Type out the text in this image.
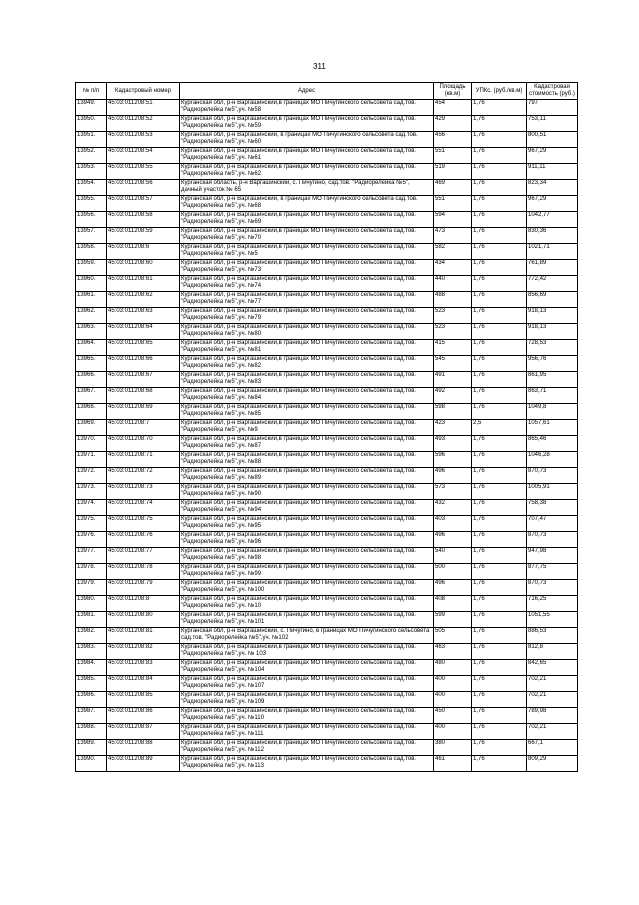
311
№ п/п	Кадастровый номер	Адрес	Площадь (кв.м)	УПКс. (руб./кв.м)	Кадастровая стоимость (руб.)
13949.	45:03:011208:51	Курганская обл, р-н Варгашинский,в границах МО Пичугинского сельсовета сад.тов. "Радиорелейка №5",уч. №58	454	1,76	797
13950.	45:03:011208:52	Курганская обл, р-н Варгашинский,в границах МО Пичугинского сельсовета сад.тов. "Радиорелейка №5",уч. №59	429	1,76	753,11
13951.	45:03:011208:53	Курганская обл, р-н Варгашинский, в границах МО Пичугинского сельсовета сад.тов. "Радиорелейка №5",уч. №60	456	1,76	800,51
13952.	45:03:011208:54	Курганская обл, р-н Варгашинский,в границах МО Пичугинского сельсовета сад.тов. "Радиорелейка №5",уч. №61	551	1,76	967,29
13953.	45:03:011208:55	Курганская обл, р-н Варгашинский,в границах МО Пичугинского сельсовета сад.тов. "Радиорелейка №5",уч. №62	519	1,76	911,11
13954.	45:03:011208:56	Курганская область, р-н Варгашинский, с. Пичугино, сад.тов. "Радиорелейка №5", дачный участок № 65	469	1,76	823,34
13955.	45:03:011208:57	Курганская обл, р-н Варгашинский, в границах МО Пичугинского сельсовета сад.тов. "Радиорелейка №5",уч. №68	551	1,76	967,29
13956.	45:03:011208:58	Курганская обл, р-н Варгашинский,в границах МО Пичугинского сельсовета сад.тов. "Радиорелейка №5",уч. №69	594	1,76	1042,77
13957.	45:03:011208:59	Курганская обл, р-н Варгашинский,в границах МО Пичугинского сельсовета сад.тов. "Радиорелейка №5",уч. №70	473	1,76	830,36
13958.	45:03:011208:6	Курганская обл, р-н Варгашинский,в границах МО Пичугинского сельсовета сад.тов. "Радиорелейка №5",уч. №5	582	1,76	1021,71
13959.	45:03:011208:60	Курганская обл, р-н Варгашинский,в границах МО Пичугинского сельсовета сад.тов. "Радиорелейка №5",уч. №73	434	1,76	761,89
13960.	45:03:011208:61	Курганская обл, р-н Варгашинский,в границах МО Пичугинского сельсовета сад.тов. "Радиорелейка №5",уч. №74	440	1,76	772,42
13961.	45:03:011208:62	Курганская обл, р-н Варгашинский,в границах МО Пичугинского сельсовета сад.тов. "Радиорелейка №5",уч. №77	488	1,76	856,69
13962.	45:03:011208:63	Курганская обл, р-н Варгашинский,в границах МО Пичугинского сельсовета сад.тов. "Радиорелейка №5",уч. №79	523	1,76	918,13
13963.	45:03:011208:64	Курганская обл, р-н Варгашинский,в границах МО Пичугинского сельсовета сад.тов. "Радиорелейка №5",уч. №80	523	1,76	918,13
13964.	45:03:011208:65	Курганская обл, р-н Варгашинский,в границах МО Пичугинского сельсовета сад.тов. "Радиорелейка №5",уч. №81	415	1,76	728,53
13965.	45:03:011208:66	Курганская обл, р-н Варгашинский,в границах МО Пичугинского сельсовета сад.тов. "Радиорелейка №5",уч. №82	545	1,76	956,76
13966.	45:03:011208:67	Курганская обл, р-н Варгашинский,в границах МО Пичугинского сельсовета сад.тов. "Радиорелейка №5",уч. №83	491	1,76	861,95
13967.	45:03:011208:68	Курганская обл, р-н Варгашинский,в границах МО Пичугинского сельсовета сад.тов. "Радиорелейка №5",уч. №84	492	1,76	863,71
13968.	45:03:011208:69	Курганская обл, р-н Варгашинский,в границах МО Пичугинского сельсовета сад.тов. "Радиорелейка №5",уч. №85	598	1,76	1049,8
13969.	45:03:011208:7	Курганская обл, р-н Варгашинский,в границах МО Пичугинского сельсовета сад.тов. "Радиорелейка №5",уч. №9	423	2,5	1057,61
13970.	45:03:011208:70	Курганская обл, р-н Варгашинский,в границах МО Пичугинского сельсовета сад.тов. "Радиорелейка №5",уч. №87	493	1,76	865,46
13971.	45:03:011208:71	Курганская обл, р-н Варгашинский,в границах МО Пичугинского сельсовета сад.тов. "Радиорелейка №5",уч. №88	596	1,76	1046,28
13972.	45:03:011208:72	Курганская обл, р-н Варгашинский,в границах МО Пичугинского сельсовета сад.тов. "Радиорелейка №5",уч. №89	496	1,76	870,73
13973.	45:03:011208:73	Курганская обл, р-н Варгашинский,в границах МО Пичугинского сельсовета сад.тов. "Радиорелейка №5",уч. №90	573	1,76	1005,91
13974.	45:03:011208:74	Курганская обл, р-н Варгашинский,в границах МО Пичугинского сельсовета сад.тов. "Радиорелейка №5",уч. №94	432	1,76	758,38
13975.	45:03:011208:75	Курганская обл, р-н Варгашинский,в границах МО Пичугинского сельсовета сад.тов. "Радиорелейка №5",уч. №95	403	1,76	707,47
13976.	45:03:011208:76	Курганская обл, р-н Варгашинский,в границах МО Пичугинского сельсовета сад.тов. "Радиорелейка №5",уч. №96	496	1,76	870,73
13977.	45:03:011208:77	Курганская обл, р-н Варгашинский,в границах МО Пичугинского сельсовета сад.тов. "Радиорелейка №5",уч. №98	540	1,76	947,98
13978.	45:03:011208:78	Курганская обл, р-н Варгашинский,в границах МО Пичугинского сельсовета сад.тов. "Радиорелейка №5",уч. №99	500	1,76	877,75
13979.	45:03:011208:79	Курганская обл, р-н Варгашинский,в границах МО Пичугинского сельсовета сад.тов. "Радиорелейка №5",уч. №100	496	1,76	870,73
13980.	45:03:011208:8	Курганская обл, р-н Варгашинский,в границах МО Пичугинского сельсовета сад.тов. "Радиорелейка №5",уч. №10	408	1,76	716,25
13981.	45:03:011208:80	Курганская обл, р-н Варгашинский,в границах МО Пичугинского сельсовета сад.тов. "Радиорелейка №5",уч. №101	599	1,76	1051,55
13982.	45:03:011208:81	Курганская обл, р-н Варгашинский, с. Пичугино, в границах МО Пичугинского сельсовета сад.тов. "Радиорелейка №5",уч. №102	505	1,76	886,53
13983.	45:03:011208:82	Курганская обл, р-н Варгашинский,в границах МО Пичугинского сельсовета сад.тов. "Радиорелейка №5",уч. № 103	463	1,76	812,8
13984.	45:03:011208:83	Курганская обл, р-н Варгашинский,в границах МО Пичугинского сельсовета сад.тов. "Радиорелейка №5",уч. №104	480	1,76	842,65
13985.	45:03:011208:84	Курганская обл, р-н Варгашинский,в границах МО Пичугинского сельсовета сад.тов. "Радиорелейка №5",уч. №107	400	1,76	702,21
13986.	45:03:011208:85	Курганская обл, р-н Варгашинский,в границах МО Пичугинского сельсовета сад.тов. "Радиорелейка №5",уч. №109	400	1,76	702,21
13987.	45:03:011208:86	Курганская обл, р-н Варгашинский,в границах МО Пичугинского сельсовета сад.тов. "Радиорелейка №5",уч. №110	450	1,76	789,98
13988.	45:03:011208:87	Курганская обл, р-н Варгашинский,в границах МО Пичугинского сельсовета сад.тов. "Радиорелейка №5",уч. №111	400	1,76	702,21
13989.	45:03:011208:88	Курганская обл, р-н Варгашинский,в границах МО Пичугинского сельсовета сад.тов. "Радиорелейка №5",уч. №112	380	1,76	667,1
13990.	45:03:011208:89	Курганская обл, р-н Варгашинский,в границах МО Пичугинского сельсовета сад.тов. "Радиорелейка №5",уч. №113	461	1,76	809,29
